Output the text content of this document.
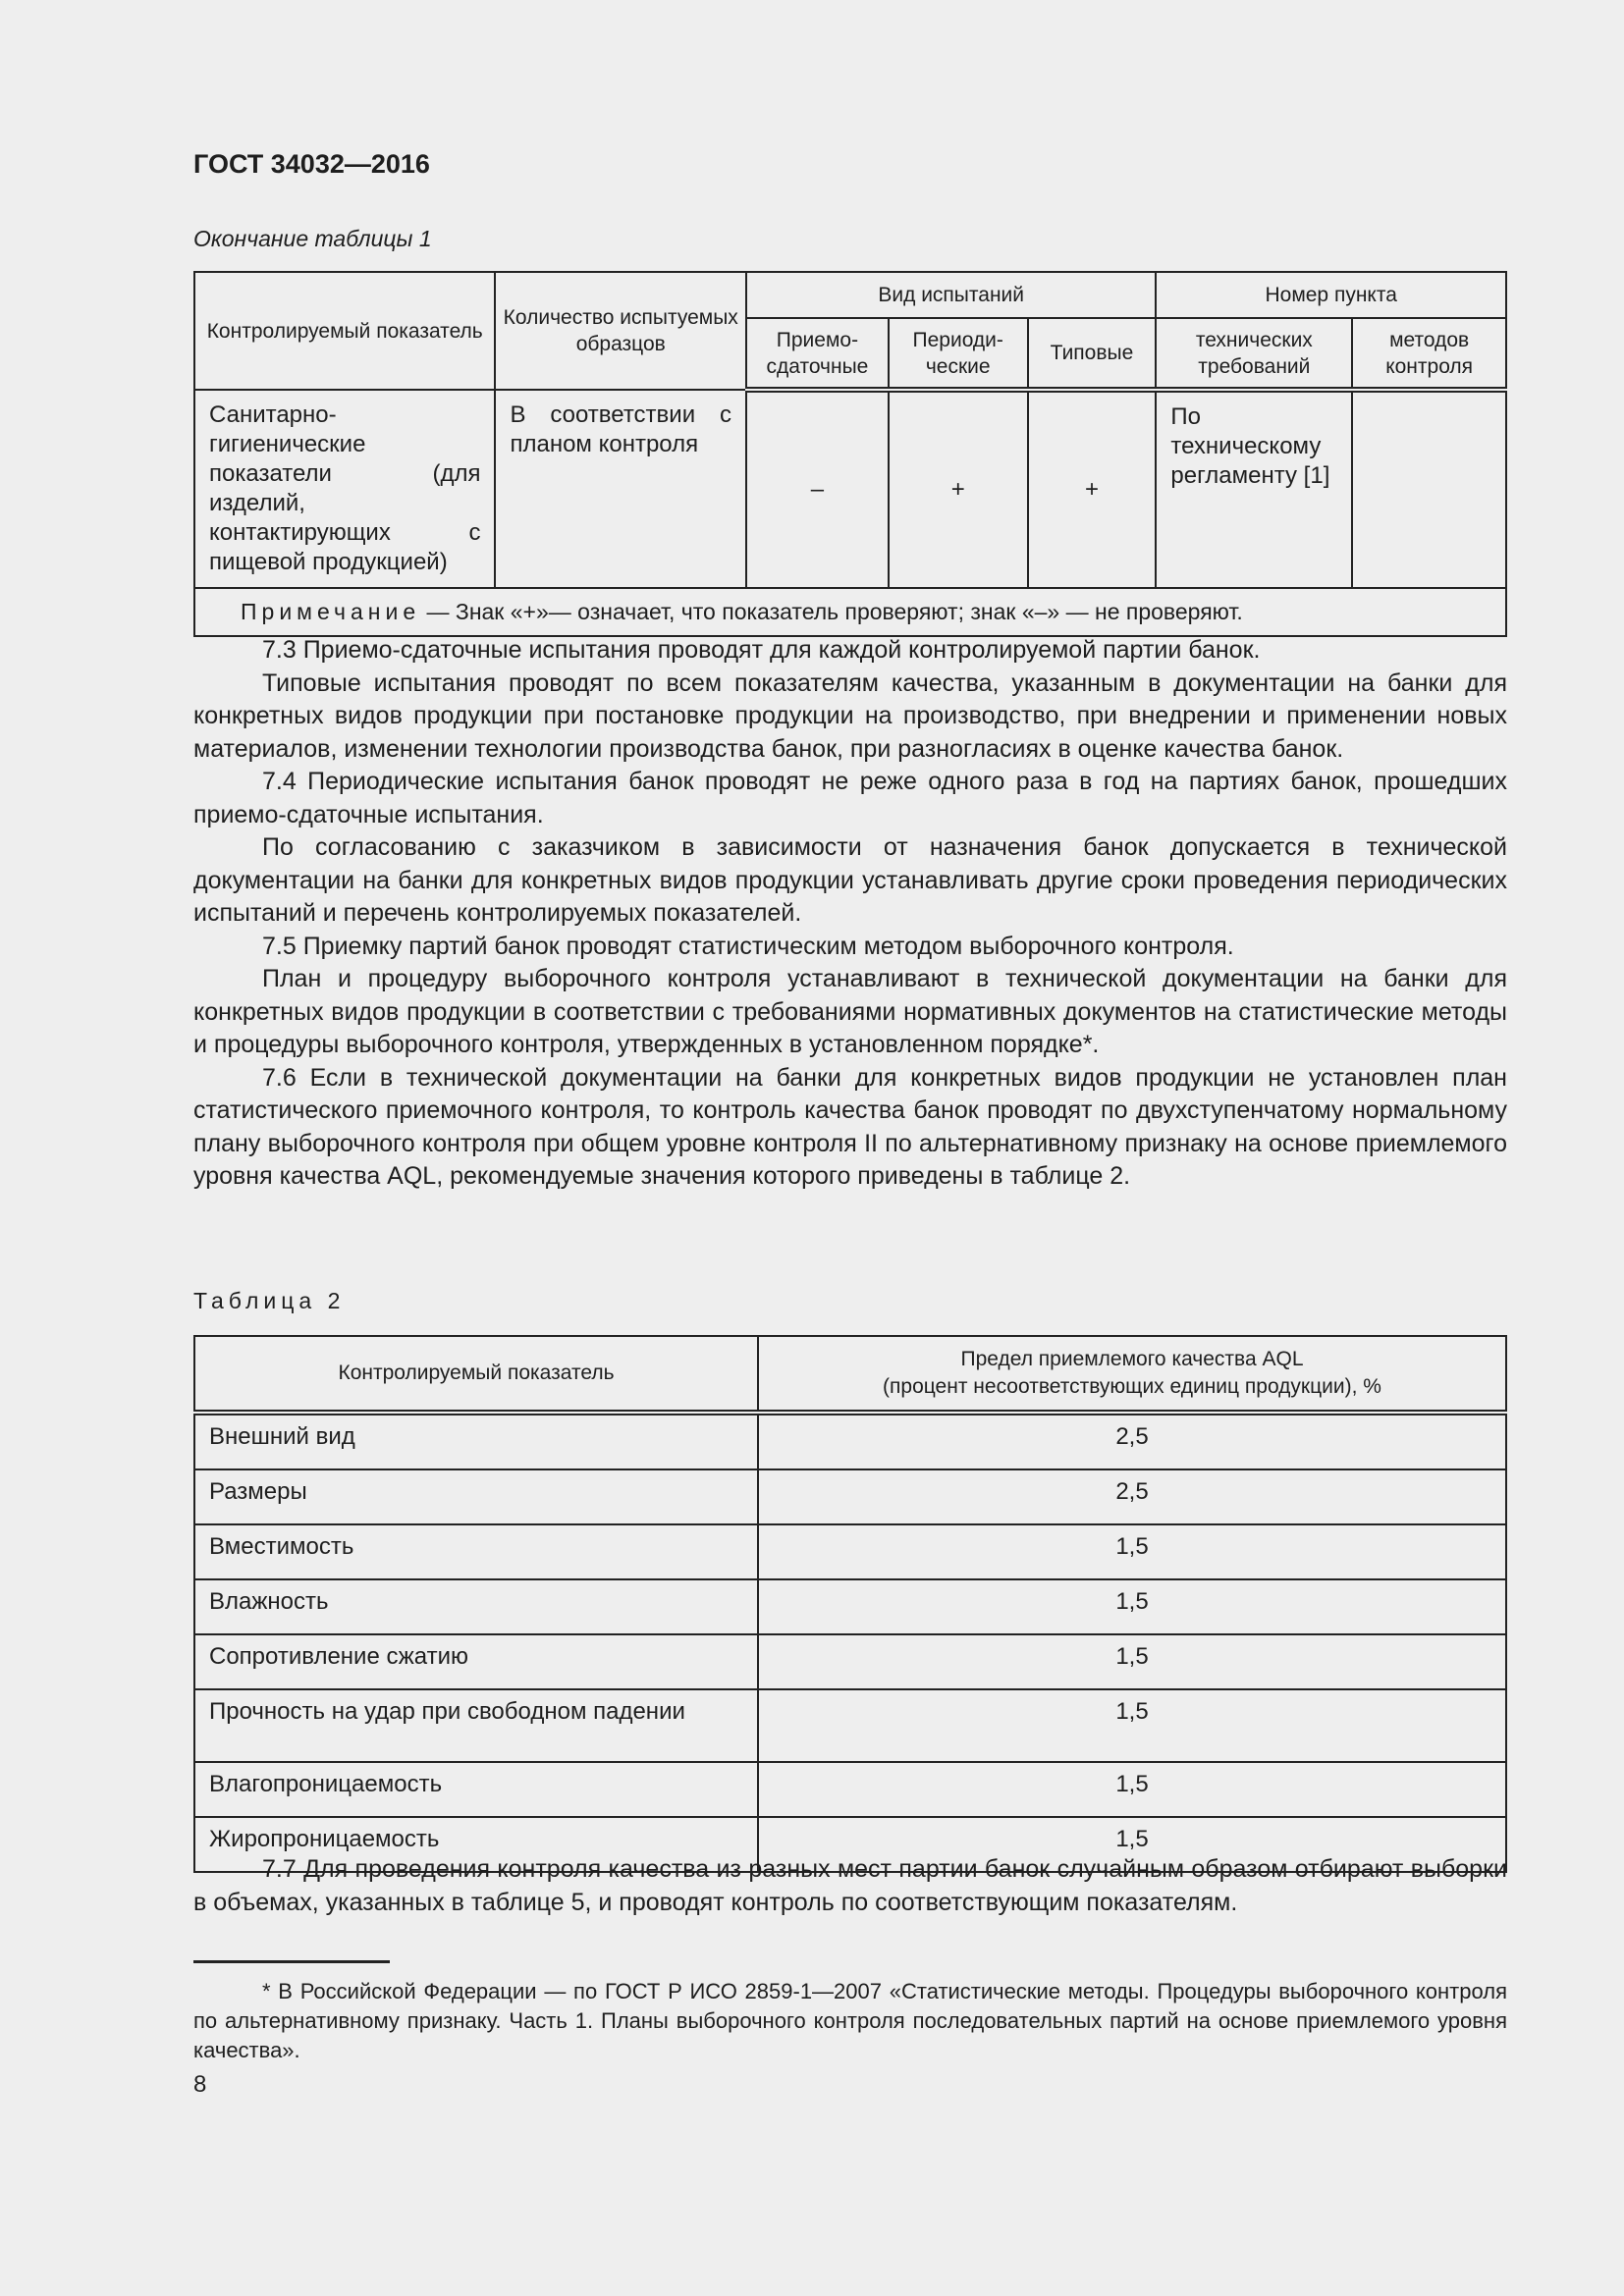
ГОСТ 34032—2016
Окончание таблицы 1
Контролируемый показатель	Количество испытуемых образцов	Вид испытаний			Номер пункта	
		Приемо-сдаточные	Периоди-ческие	Типовые	технических требований	методов контроля
Санитарно-гигиенические показатели (для изделий, контактирующих с пищевой продукцией)	В соответствии с планом контроля	–	+	+	По техническому регламенту [1]	
Примечание — Знак «+»— означает, что показатель проверяют; знак «–» — не проверяют.						

7.3 Приемо-сдаточные испытания проводят для каждой контролируемой партии банок.

Типовые испытания проводят по всем показателям качества, указанным в документации на банки для конкретных видов продукции при постановке продукции на производство, при внедрении и применении новых материалов, изменении технологии производства банок, при разногласиях в оценке качества банок.

7.4 Периодические испытания банок проводят не реже одного раза в год на партиях банок, прошедших приемо-сдаточные испытания.

По согласованию с заказчиком в зависимости от назначения банок допускается в технической документации на банки для конкретных видов продукции устанавливать другие сроки проведения периодических испытаний и перечень контролируемых показателей.

7.5 Приемку партий банок проводят статистическим методом выборочного контроля.

План и процедуру выборочного контроля устанавливают в технической документации на банки для конкретных видов продукции в соответствии с требованиями нормативных документов на статистические методы и процедуры выборочного контроля, утвержденных в установленном порядке*.

7.6 Если в технической документации на банки для конкретных видов продукции не установлен план статистического приемочного контроля, то контроль качества банок проводят по двухступенчатому нормальному плану выборочного контроля при общем уровне контроля II по альтернативному признаку на основе приемлемого уровня качества AQL, рекомендуемые значения которого приведены в таблице 2.

Таблица 2
Контролируемый показатель	Предел приемлемого качества AQL
(процент несоответствующих единиц продукции), %
Внешний вид	2,5
Размеры	2,5
Вместимость	1,5
Влажность	1,5
Сопротивление сжатию	1,5
Прочность на удар при свободном падении	1,5
Влагопроницаемость	1,5
Жиропроницаемость	1,5
7.7 Для проведения контроля качества из разных мест партии банок случайным образом отбирают выборки в объемах, указанных в таблице 5, и проводят контроль по соответствующим показателям.
* В Российской Федерации — по ГОСТ Р ИСО 2859-1—2007 «Статистические методы. Процедуры выборочного контроля по альтернативному признаку. Часть 1. Планы выборочного контроля последовательных партий на основе приемлемого уровня качества».
8
